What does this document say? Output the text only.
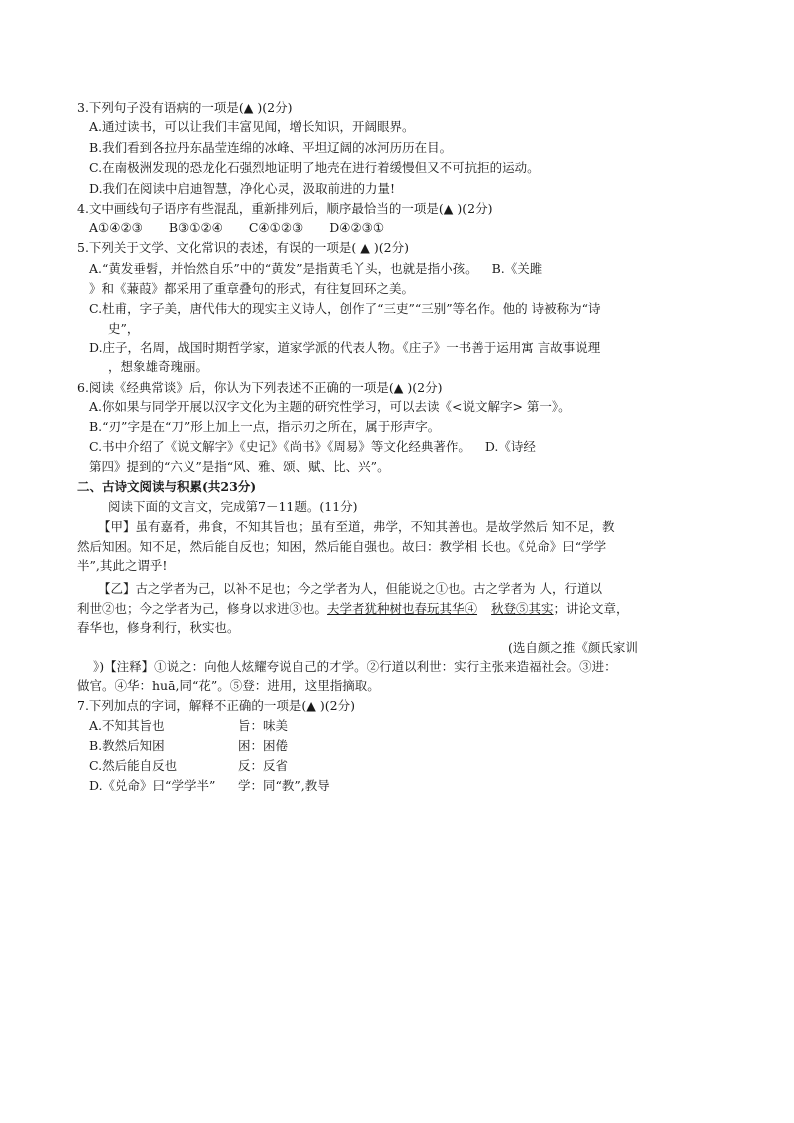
3.下列句子没有语病的一项是(▲ )(2分)
A.通过读书，可以让我们丰富见闻，增长知识，开阔眼界。
B.我们看到各拉丹东晶莹连绵的冰峰、平坦辽阔的冰河历历在目。
C.在南极洲发现的恐龙化石强烈地证明了地壳在进行着缓慢但又不可抗拒的运动。
D.我们在阅读中启迪智慧，净化心灵，汲取前进的力量!
4.文中画线句子语序有些混乱，重新排列后，顺序最恰当的一项是(▲ )(2分)
A①④②③ B③①②④ C④①②③ D④②③①
5.下列关于文学、文化常识的表述，有误的一项是( ▲ )(2分)
A.“黄发垂髫，并怡然自乐”中的“黄发”是指黄毛丫头，也就是指小孩。 B.《关雎
》和《蒹葭》都采用了重章叠句的形式，有往复回环之美。
C.杜甫，字子美，唐代伟大的现实主义诗人，创作了“三吏”“三别”等名作。他的 诗被称为“诗
史”，
D.庄子，名周，战国时期哲学家，道家学派的代表人物。《庄子》一书善于运用寓 言故事说理
，想象雄奇瑰丽。
6.阅读《经典常谈》后，你认为下列表述不正确的一项是(▲ )(2分)
A.你如果与同学开展以汉字文化为主题的研究性学习，可以去读《<说文解字> 第一》。
B.“刃”字是在“刀”形上加上一点，指示刃之所在，属于形声字。
C.书中介绍了《说文解字》《史记》《尚书》《周易》等文化经典著作。 D.《诗经
第四》提到的“六义”是指“风、雅、颂、赋、比、兴”。
二、古诗文阅读与积累(共23分)
阅读下面的文言文，完成第7－11题。(11分)
【甲】虽有嘉肴，弗食，不知其旨也；虽有至道，弗学，不知其善也。是故学然后 知不足，教
然后知困。知不足，然后能自反也；知困，然后能自强也。故曰：教学相 长也。《兑命》曰“学学
半”,其此之谓乎!
【乙】古之学者为己，以补不足也；今之学者为人，但能说之①也。古之学者为 人，行道以
利世②也；今之学者为己，修身以求进③也。夫学者犹种树也春玩其华④ 秋登⑤其实；讲论文章，
春华也，修身利行，秋实也。
(选自颜之推《颜氏家训
》)【注释】①说之：向他人炫耀夸说自己的才学。②行道以利世：实行主张来造福社会。③进：
做官。④华：huā,同“花”。⑤登：进用，这里指摘取。
7.下列加点的字词，解释不正确的一项是(▲ )(2分)
A.不知其旨也	旨：味美
B.教然后知困	困：困倦
C.然后能自反也	反：反省
D.《兑命》曰“学学半” 学：同“教”,教导
